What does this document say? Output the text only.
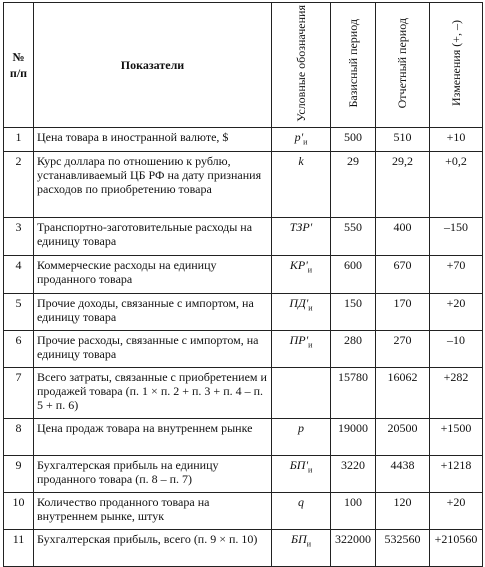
№
п/п	Показатели	Условные обозначения	Базисный период	Отчетный период	Изменения (+, –)
1	Цена товара в иностранной валюте, $	$p'_и$	500	510	+10
2	Курс доллара по отношению к рублю, устанавливаемый ЦБ РФ на дату признания расходов по приобретению товара	k	29	29,2	+0,2
3	Транспортно-заготовительные расходы на единицу товара	ТЗР'	550	400	–150
4	Коммерческие расходы на единицу проданного товара	$КР'_и$	600	670	+70
5	Прочие доходы, связанные с импортом, на единицу товара	$ПД'_и$	150	170	+20
6	Прочие расходы, связанные с импортом, на единицу товара	$ПР'_и$	280	270	–10
7	Всего затраты, связанные с приобретением и продажей товара (п. 1 × п. 2 + п. 3 + п. 4 – п. 5 + п. 6)		15780	16062	+282
8	Цена продаж товара на внутреннем рынке	p	19000	20500	+1500
9	Бухгалтерская прибыль на единицу проданного товара (п. 8 – п. 7)	$БП'_и$	3220	4438	+1218
10	Количество проданного товара на внутреннем рынке, штук	q	100	120	+20
11	Бухгалтерская прибыль, всего (п. 9 × п. 10)	$БП_и$	322000	532560	+210560
